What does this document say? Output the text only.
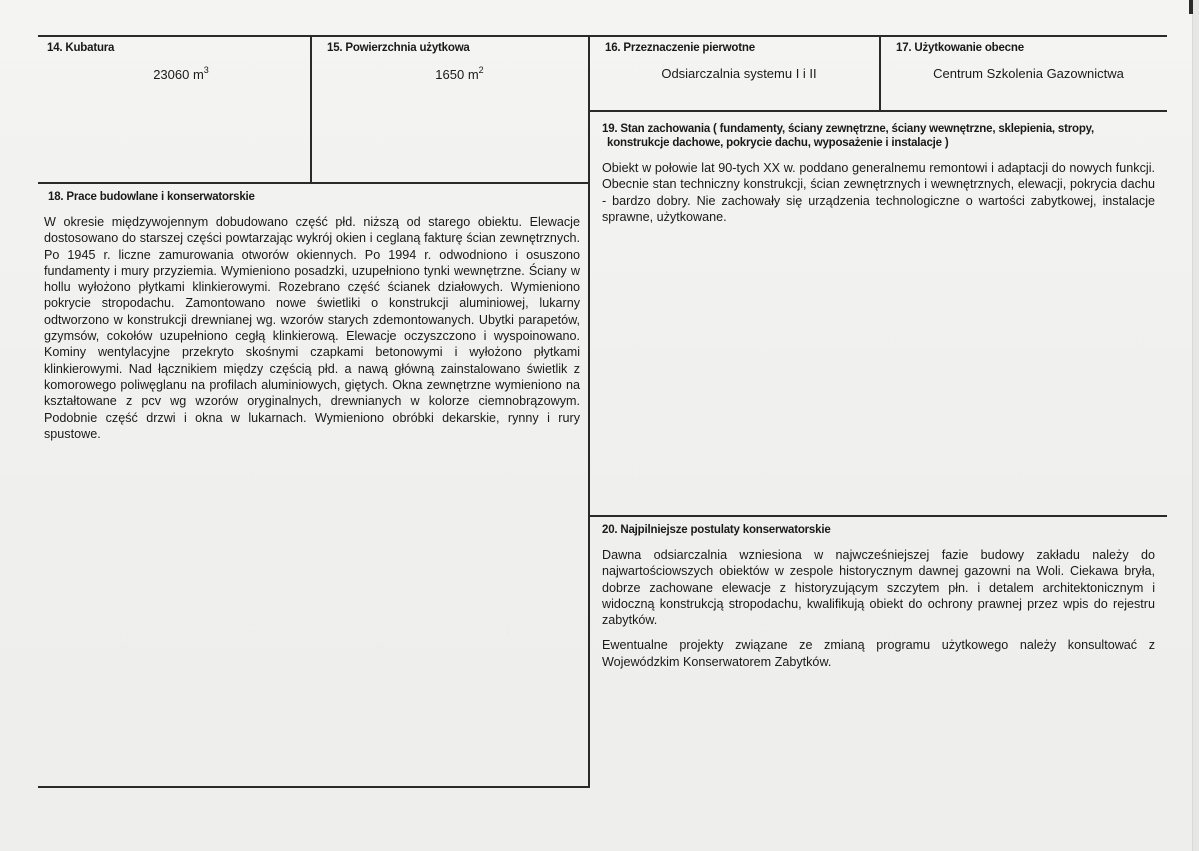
14. Kubatura
23060 $m^3$
15. Powierzchnia użytkowa
1650 $m^2$
16. Przeznaczenie pierwotne
Odsiarczalnia systemu I i II
17. Użytkowanie obecne
Centrum Szkolenia Gazownictwa
18. Prace budowlane i konserwatorskie

W okresie międzywojennym dobudowano część płd. niższą od starego obiektu. Elewacje dostosowano do starszej części powtarzając wykrój okien i ceglaną fakturę ścian zewnętrznych. Po 1945 r. liczne zamurowania otworów okiennych. Po 1994 r. odwodniono i osuszono fundamenty i mury przyziemia. Wymieniono posadzki, uzupełniono tynki wewnętrzne. Ściany w hollu wyłożono płytkami klinkierowymi. Rozebrano część ścianek działowych. Wymieniono pokrycie stropodachu. Zamontowano nowe świetliki o konstrukcji aluminiowej, lukarny odtworzono w konstrukcji drewnianej wg. wzorów starych zdemontowanych. Ubytki parapetów, gzymsów, cokołów uzupełniono cegłą klinkierową. Elewacje oczyszczono i wyspoinowano. Kominy wentylacyjne przekryto skośnymi czapkami betonowymi i wyłożono płytkami klinkierowymi. Nad łącznikiem między częścią płd. a nawą główną zainstalowano świetlik z komorowego poliwęglanu na profilach aluminiowych, giętych. Okna zewnętrzne wymieniono na kształtowane z pcv wg wzorów oryginalnych, drewnianych w kolorze ciemnobrązowym. Podobnie część drzwi i okna w lukarnach. Wymieniono obróbki dekarskie, rynny i rury spustowe.

19. Stan zachowania ( fundamenty, ściany zewnętrzne, ściany wewnętrzne, sklepienia, stropy,
konstrukcje dachowe, pokrycie dachu, wyposażenie i instalacje )

Obiekt w połowie lat 90-tych XX w. poddano generalnemu remontowi i adaptacji do nowych funkcji. Obecnie stan techniczny konstrukcji, ścian zewnętrznych i wewnętrznych, elewacji, pokrycia dachu - bardzo dobry. Nie zachowały się urządzenia technologiczne o wartości zabytkowej, instalacje sprawne, użytkowane.

20. Najpilniejsze postulaty konserwatorskie

Dawna odsiarczalnia wzniesiona w najwcześniejszej fazie budowy zakładu należy do najwartościowszych obiektów w zespole historycznym dawnej gazowni na Woli. Ciekawa bryła, dobrze zachowane elewacje z historyzującym szczytem płn. i detalem architektonicznym i widoczną konstrukcją stropodachu, kwalifikują obiekt do ochrony prawnej przez wpis do rejestru zabytków.

Ewentualne projekty związane ze zmianą programu użytkowego należy konsultować z Wojewódzkim Konserwatorem Zabytków.
